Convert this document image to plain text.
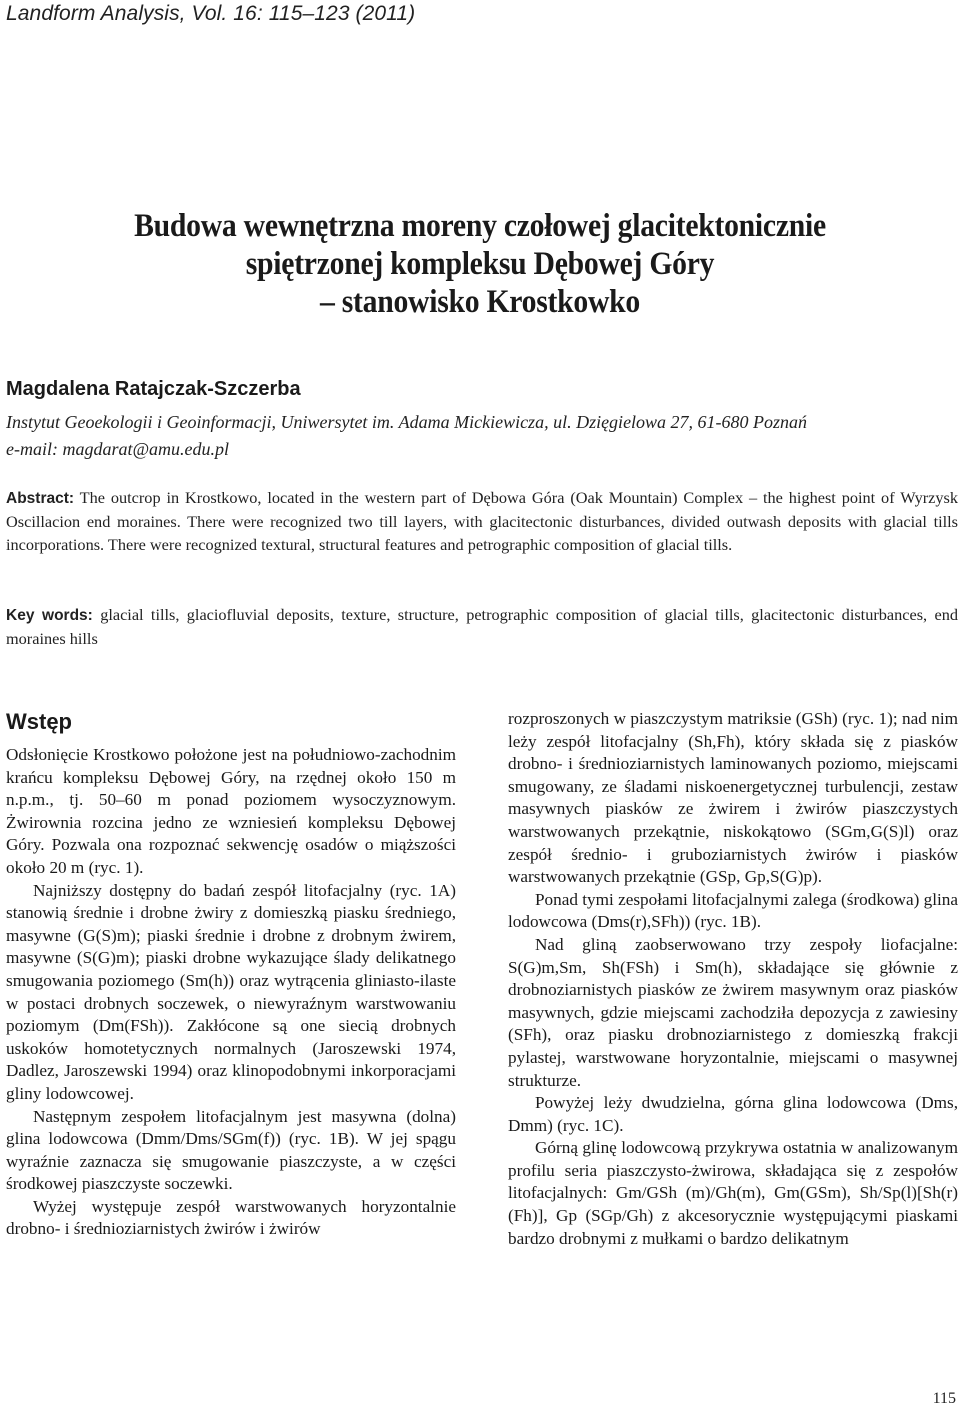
Landform Analysis, Vol. 16: 115–123 (2011)
Budowa wewnętrzna moreny czołowej glacitektonicznie
spiętrzonej kompleksu Dębowej Góry
– stanowisko Krostkowko
Magdalena Ratajczak-Szczerba
Instytut Geoekologii i Geoinformacji, Uniwersytet im. Adama Mickiewicza, ul. Dzięgielowa 27, 61-680 Poznań
e-mail: magdarat@amu.edu.pl
Abstract: The outcrop in Krostkowo, located in the western part of Dębowa Góra (Oak Mountain) Complex – the highest point of Wyrzysk Oscillacion end moraines. There were recognized two till layers, with glacitectonic disturbances, divided outwash deposits with glacial tills incorporations. There were recognized textural, structural features and petrographic composition of glacial tills.
Key words: glacial tills, glaciofluvial deposits, texture, structure, petrographic composition of glacial tills, glacitectonic disturbances, end moraines hills
Wstęp

Odsłonięcie Krostkowo położone jest na południowo-zachodnim krańcu kompleksu Dębowej Góry, na rzędnej około 150 m n.p.m., tj. 50–60 m ponad poziomem wysoczyznowym. Żwirownia rozcina jedno ze wzniesień kompleksu Dębowej Góry. Pozwala ona rozpoznać sekwencję osadów o miąższości około 20 m (ryc. 1).

Najniższy dostępny do badań zespół litofacjalny (ryc. 1A) stanowią średnie i drobne żwiry z domieszką piasku średniego, masywne (G(S)m); piaski średnie i drobne z drobnym żwirem, masywne (S(G)m); piaski drobne wykazujące ślady delikatnego smugowania poziomego (Sm(h)) oraz wytrącenia gliniasto-ilaste w postaci drobnych soczewek, o niewyraźnym warstwowaniu poziomym (Dm(FSh)). Zakłócone są one siecią drobnych uskoków homotetycznych normalnych (Jaroszewski 1974, Dadlez, Jaroszewski 1994) oraz klinopodobnymi inkorporacjami gliny lodowcowej.

Następnym zespołem litofacjalnym jest masywna (dolna) glina lodowcowa (Dmm/Dms/SGm(f)) (ryc. 1B). W jej spągu wyraźnie zaznacza się smugowanie piaszczyste, a w części środkowej piaszczyste soczewki.

Wyżej występuje zespół warstwowanych horyzontalnie drobno- i średnioziarnistych żwirów i żwirów

rozproszonych w piaszczystym matriksie (GSh) (ryc. 1); nad nim leży zespół litofacjalny (Sh,Fh), który składa się z piasków drobno- i średnioziarnistych laminowanych poziomo, miejscami smugowany, ze śladami niskoenergetycznej turbulencji, zestaw masywnych piasków ze żwirem i żwirów piaszczystych warstwowanych przekątnie, niskokątowo (SGm,G(S)l) oraz zespół średnio- i gruboziarnistych żwirów i piasków warstwowanych przekątnie (GSp, Gp,S(G)p).

Ponad tymi zespołami litofacjalnymi zalega (środkowa) glina lodowcowa (Dms(r),SFh)) (ryc. 1B).

Nad gliną zaobserwowano trzy zespoły liofacjalne: S(G)m,Sm, Sh(FSh) i Sm(h), składające się głównie z drobnoziarnistych piasków ze żwirem masywnym oraz piasków masywnych, gdzie miejscami zachodziła depozycja z zawiesiny (SFh), oraz piasku drobnoziarnistego z domieszką frakcji pylastej, warstwowane horyzontalnie, miejscami o masywnej strukturze.

Powyżej leży dwudzielna, górna glina lodowcowa (Dms, Dmm) (ryc. 1C).

Górną glinę lodowcową przykrywa ostatnia w analizowanym profilu seria piaszczysto-żwirowa, składająca się z zespołów litofacjalnych: Gm/GSh (m)/Gh(m), Gm(GSm), Sh/Sp(l)[Sh(r)(Fh)], Gp (SGp/Gh) z akcesorycznie występującymi piaskami bardzo drobnymi z mułkami o bardzo delikatnym

115
